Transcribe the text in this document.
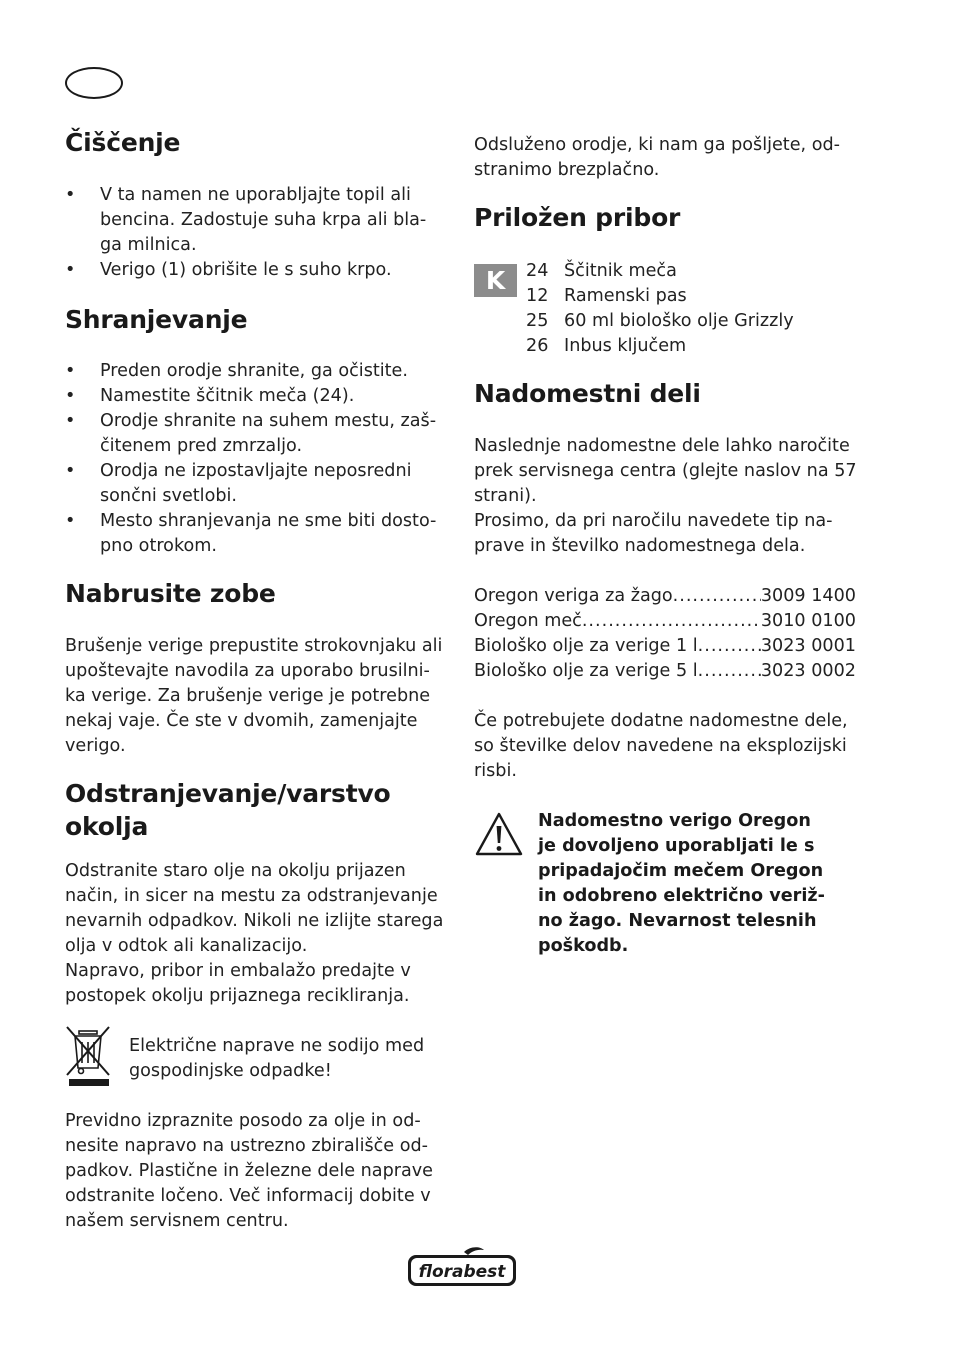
Čiščenje
• V ta namen ne uporabljajte topil ali
bencina. Zadostuje suha krpa ali bla-
ga milnica.
• Verigo (1) obrišite le s suho krpo.
Shranjevanje
• Preden orodje shranite, ga očistite.
• Namestite ščitnik meča (24).
• Orodje shranite na suhem mestu, zaš-
čitenem pred zmrzaljo.
• Orodja ne izpostavljajte neposredni
sončni svetlobi.
• Mesto shranjevanja ne sme biti dosto-
pno otrokom.
Nabrusite zobe
Brušenje verige prepustite strokovnjaku ali
upoštevajte navodila za uporabo brusilni-
ka verige. Za brušenje verige je potrebne
nekaj vaje. Če ste v dvomih, zamenjajte
verigo.
Odstranjevanje/varstvo
okolja
Odstranite staro olje na okolju prijazen
način, in sicer na mestu za odstranjevanje
nevarnih odpadkov. Nikoli ne izlijte starega
olja v odtok ali kanalizacijo.
Napravo, pribor in embalažo predajte v
postopek okolju prijaznega recikliranja.
Električne naprave ne sodijo med
gospodinjske odpadke!
Previdno izpraznite posodo za olje in od-
nesite napravo na ustrezno zbirališče od-
padkov. Plastične in železne dele naprave
odstranite ločeno. Več informacij dobite v
našem servisnem centru.
Odsluženo orodje, ki nam ga pošljete, od-
stranimo brezplačno.
Priložen pribor
K	24 Ščitnik meča
12 Ramenski pas
25 60 ml biološko olje Grizzly
26 Inbus ključem
Nadomestni deli
Naslednje nadomestne dele lahko naročite
prek servisnega centra (glejte naslov na 57
strani).
Prosimo, da pri naročilu navedete tip na-
prave in številko nadomestnega dela.
Oregon veriga za žago .....	3009 1400
Oregon meč .....	3010 0100
Biološko olje za verige 1 l .....	3023 0001
Biološko olje za verige 5 l .....	3023 0002
Če potrebujete dodatne nadomestne dele,
so številke delov navedene na eksplozijski
risbi.
Nadomestno verigo Oregon
je dovoljeno uporabljati le s
pripadajočim mečem Oregon
in odobreno električno veriž-
no žago. Nevarnost telesnih
poškodb.
florabest
